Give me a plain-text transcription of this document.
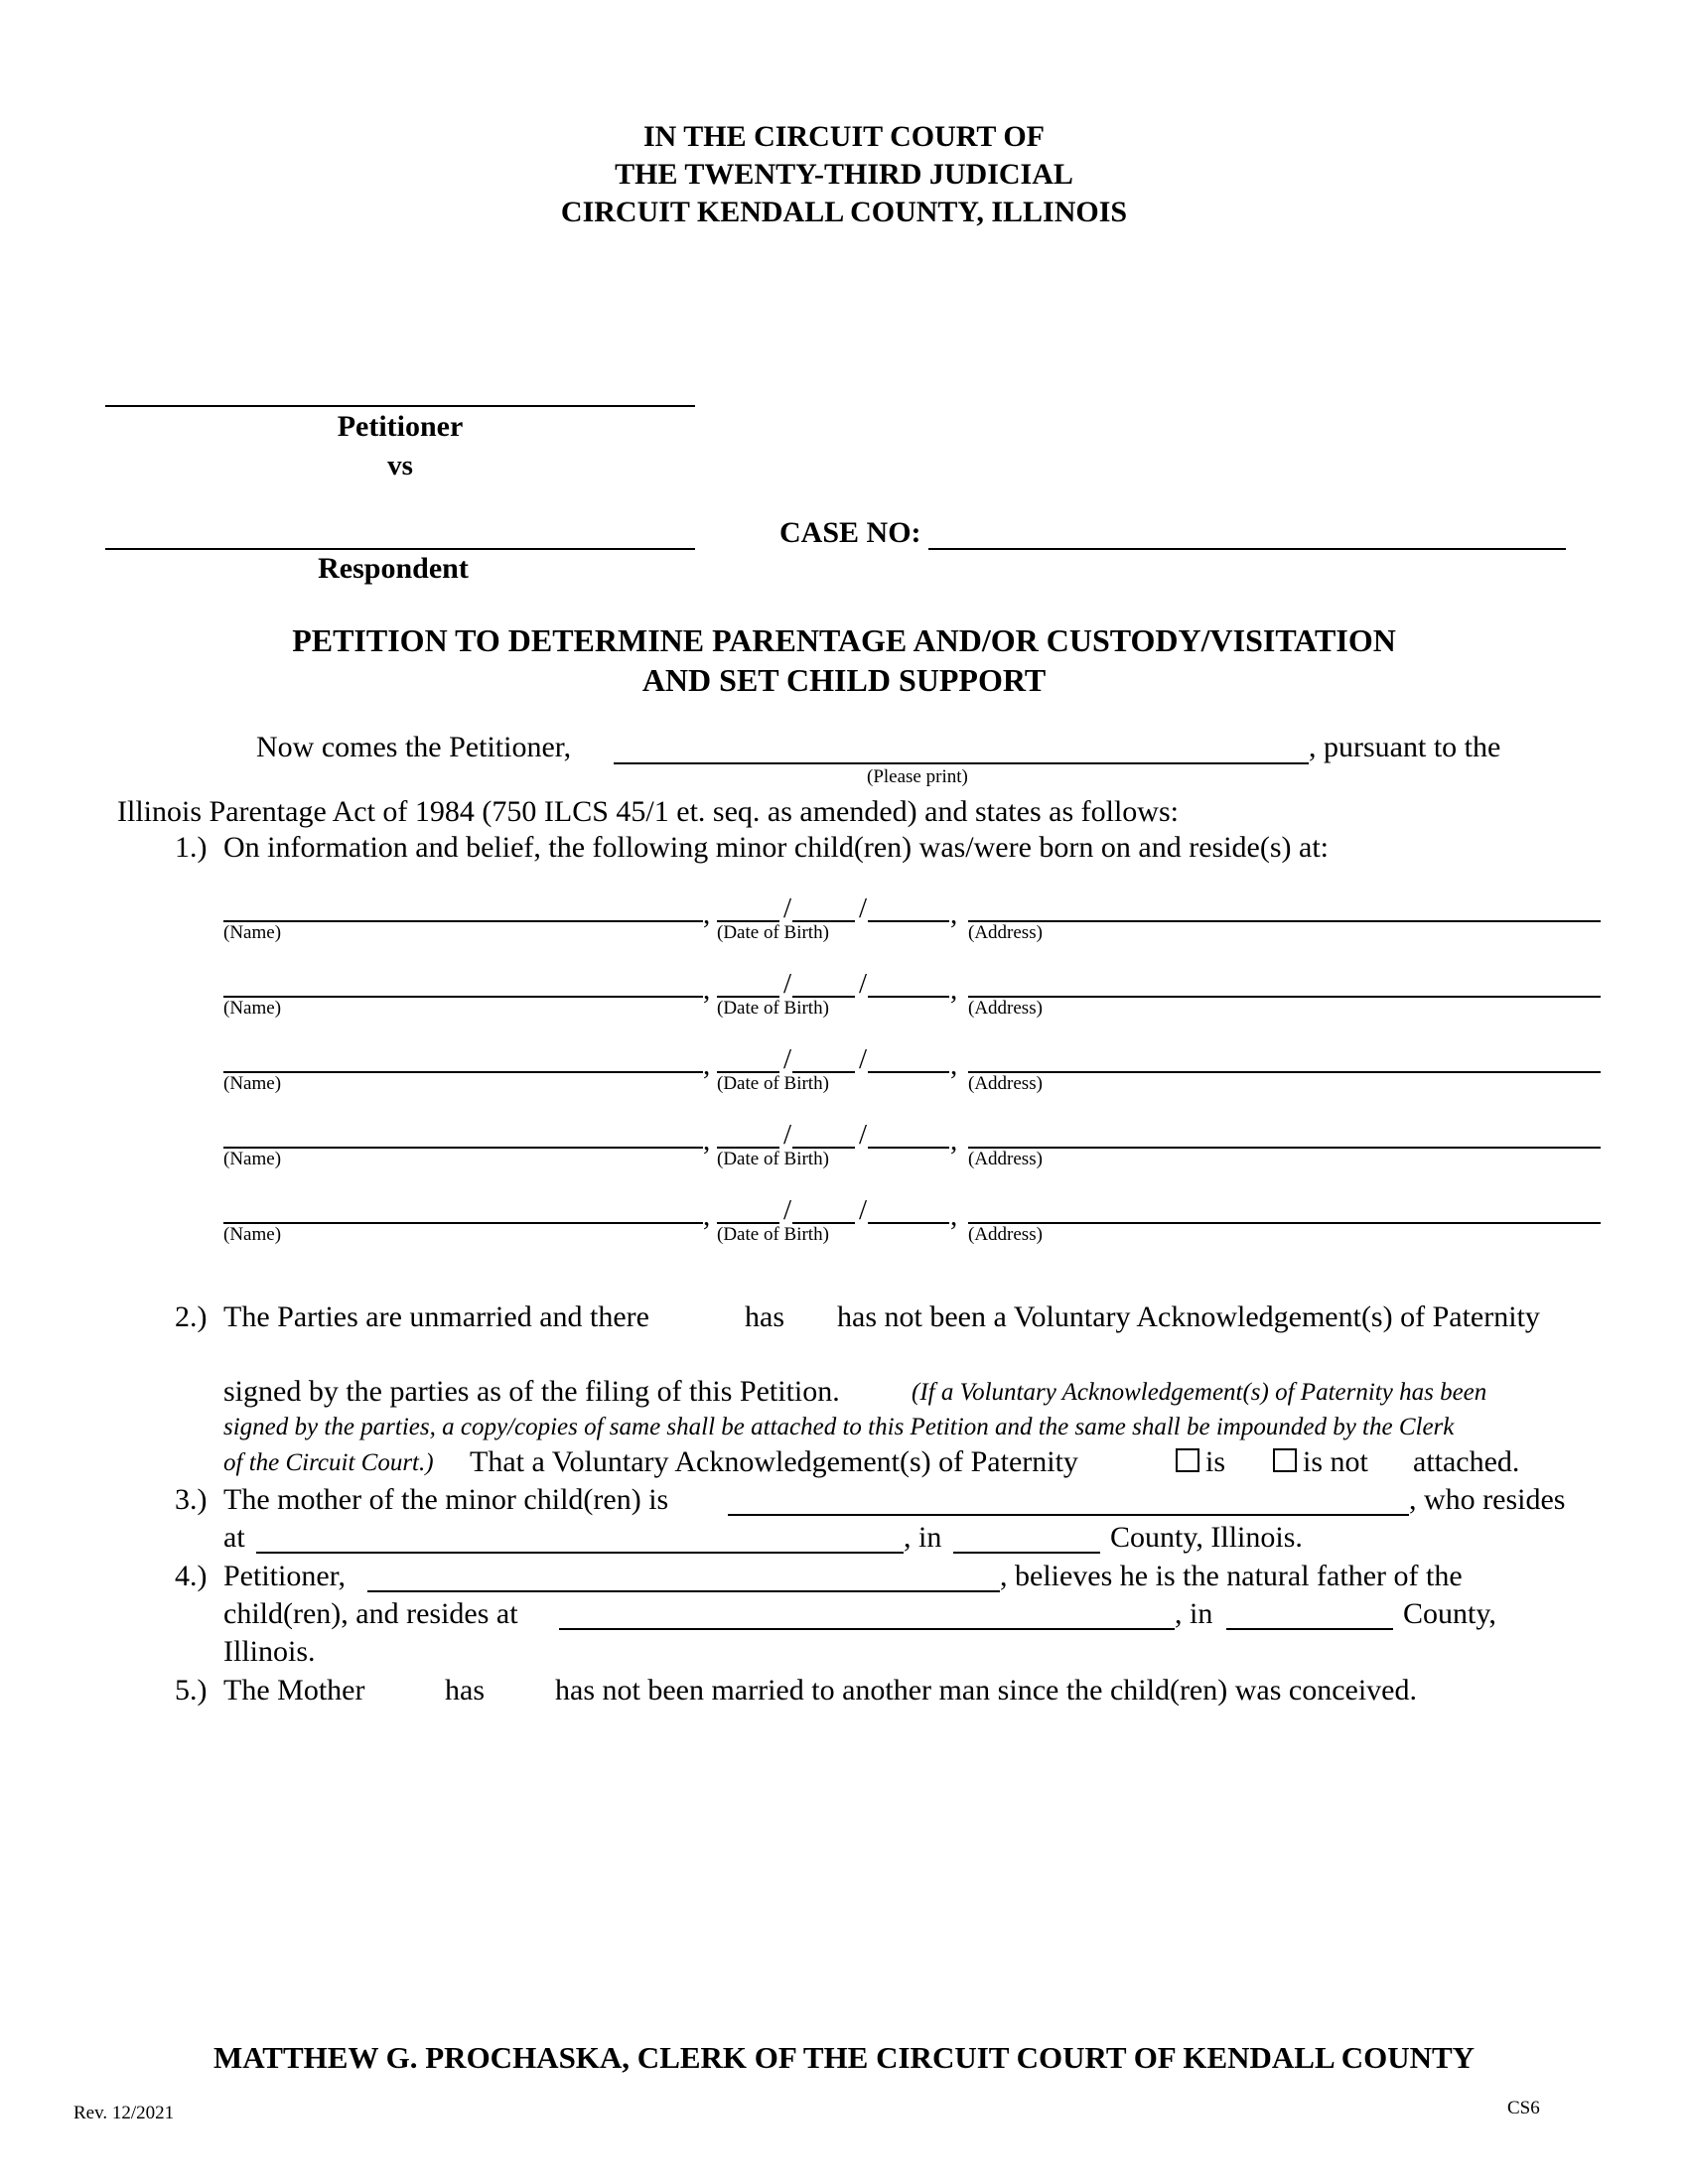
IN THE CIRCUIT COURT OF
THE TWENTY-THIRD JUDICIAL
CIRCUIT KENDALL COUNTY, ILLINOIS
Petitioner
vs
Respondent
CASE NO:
PETITION TO DETERMINE PARENTAGE AND/OR CUSTODY/VISITATION
AND SET CHILD SUPPORT
Now comes the Petitioner,	, pursuant to the
(Please print)
Illinois Parentage Act of 1984 (750 ILCS 45/1 et. seq. as amended) and states as follows:
1.) On information and belief, the following minor child(ren) was/were born on and reside(s) at:
,	/ /	,
(Name)	(Date of Birth)	(Address)
,	/ /	,
(Name)	(Date of Birth)	(Address)
,	/ /	,
(Name)	(Date of Birth)	(Address)
,	/ /	,
(Name)	(Date of Birth)	(Address)
,	/ /	,
(Name)	(Date of Birth)	(Address)
2.) The Parties are unmarried and there	has has not been a Voluntary Acknowledgement(s) of Paternity
signed by the parties as of the filing of this Petition.	(If a Voluntary Acknowledgement(s) of Paternity has been
signed by the parties, a copy/copies of same shall be attached to this Petition and the same shall be impounded by the Clerk
of the Circuit Court.) That a Voluntary Acknowledgement(s) of Paternity	is	is not attached.
3.) The mother of the minor child(ren) is	, who resides
at	, in	County, Illinois.
4.) Petitioner,	, believes he is the natural father of the
child(ren), and resides at	, in	County,
Illinois.
5.) The Mother	has has not been married to another man since the child(ren) was conceived.
MATTHEW G. PROCHASKA, CLERK OF THE CIRCUIT COURT OF KENDALL COUNTY
Rev. 12/2021	CS6
